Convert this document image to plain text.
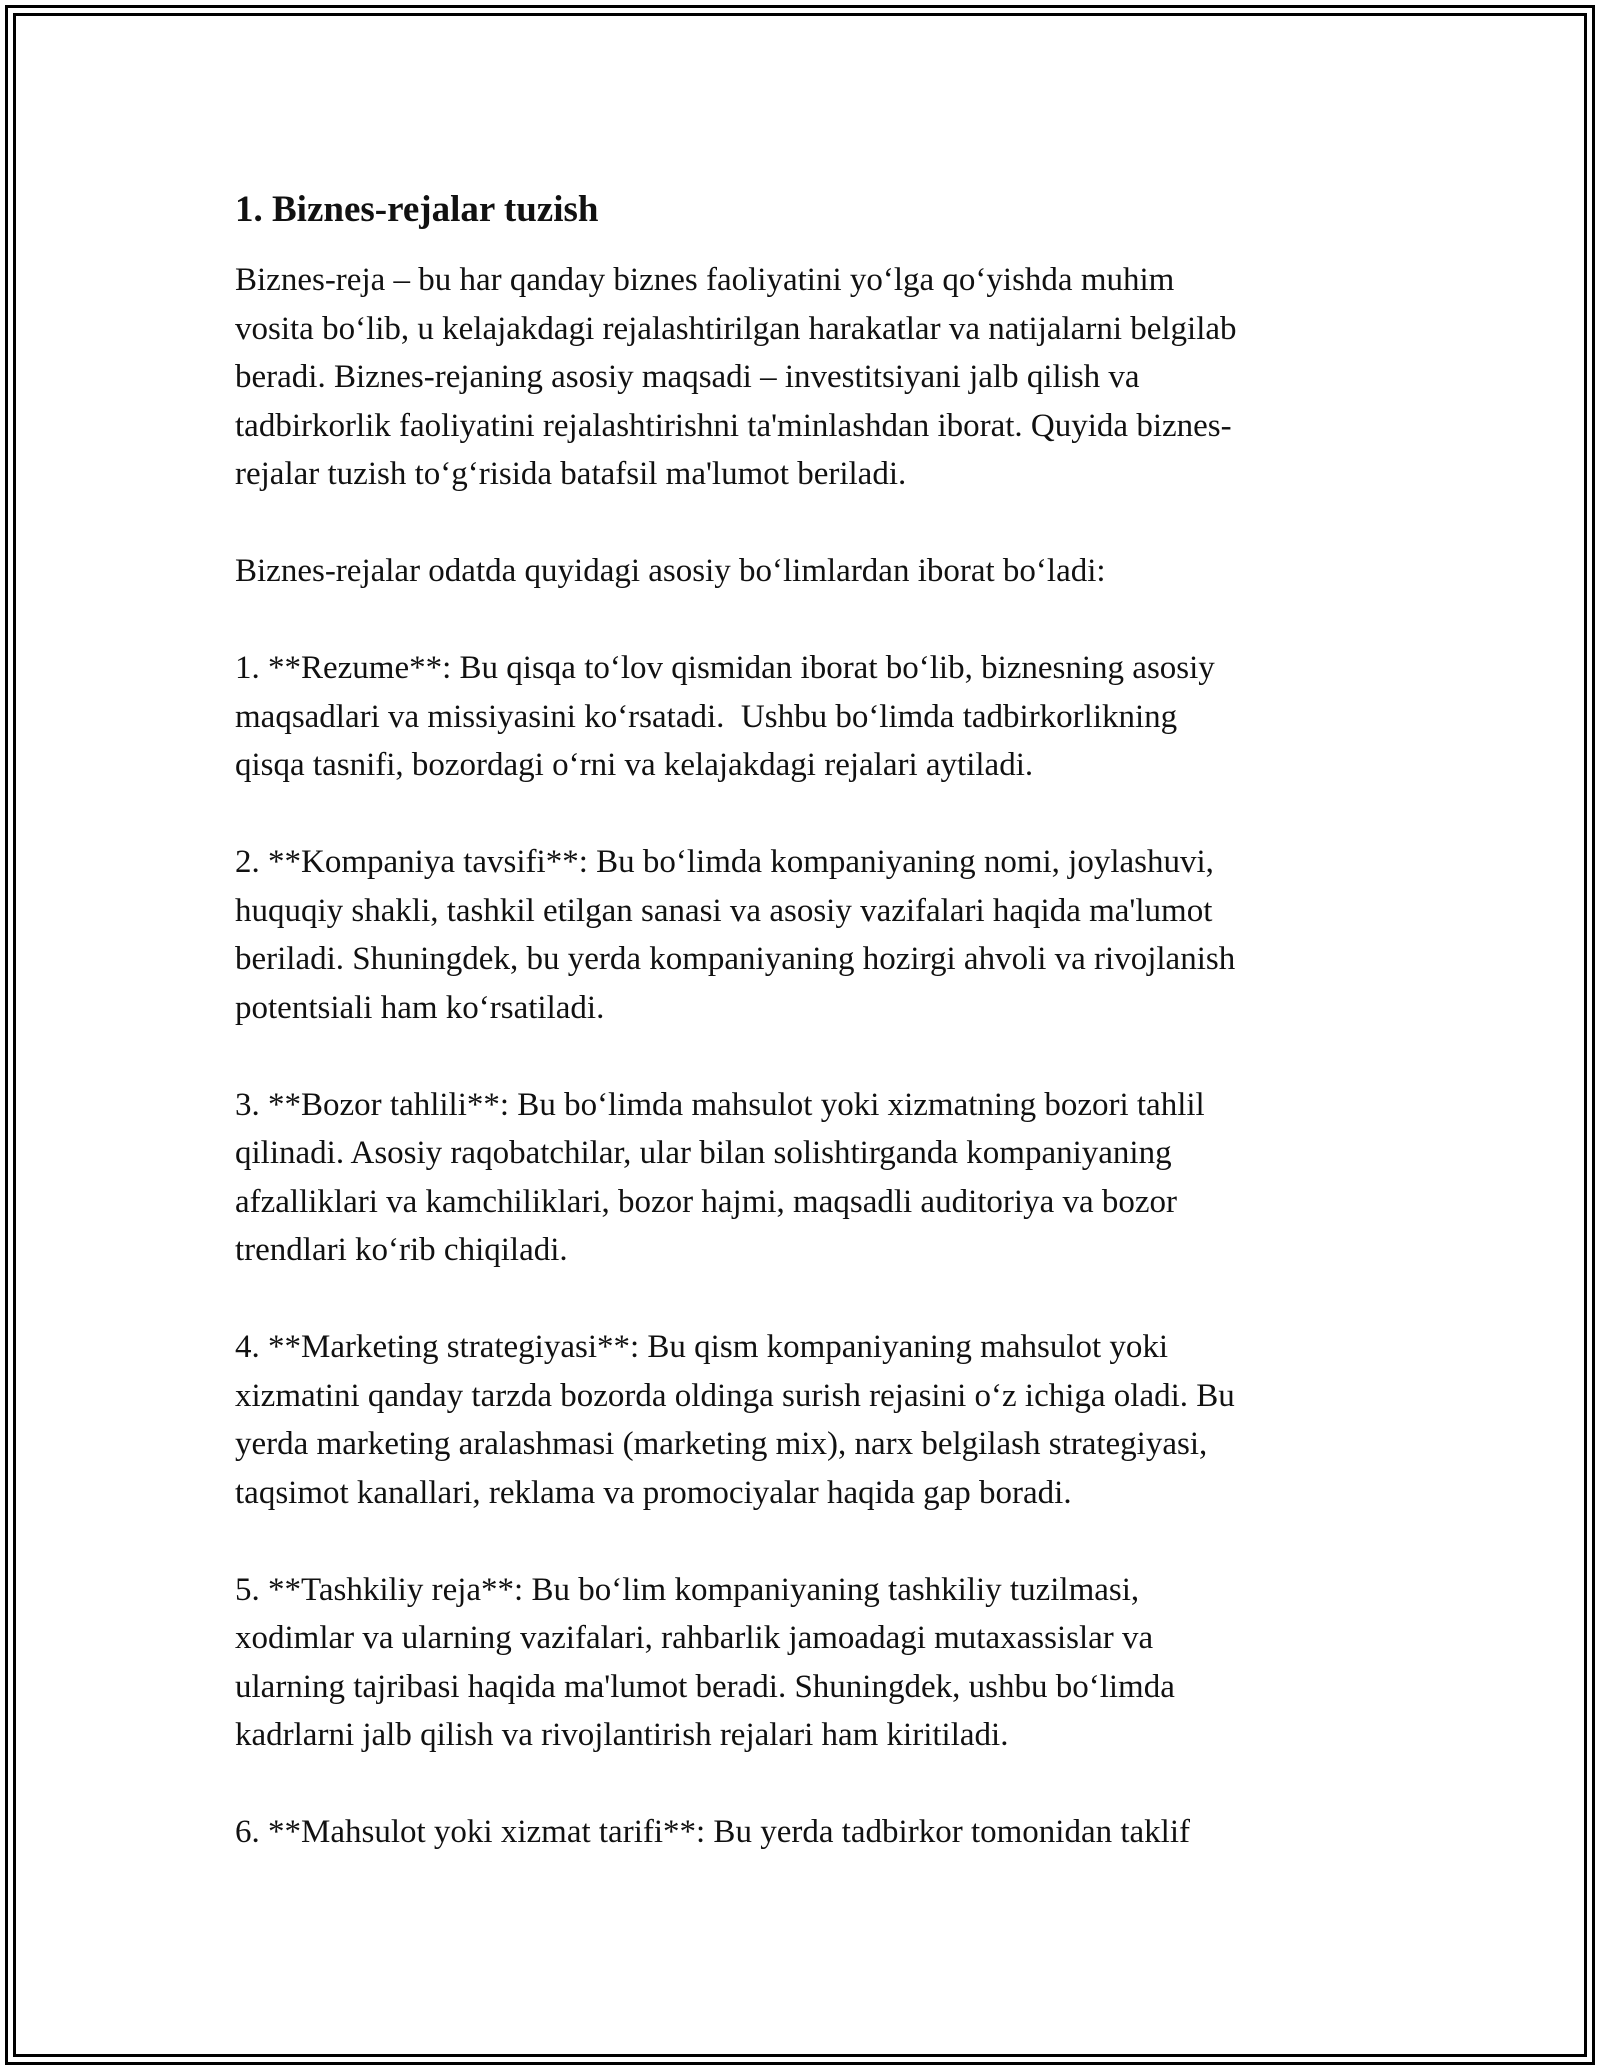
1. Biznes-rejalar tuzish

Biznes-reja – bu har qanday biznes faoliyatini yo‘lga qo‘yishda muhim
vosita bo‘lib, u kelajakdagi rejalashtirilgan harakatlar va natijalarni belgilab
beradi. Biznes-rejaning asosiy maqsadi – investitsiyani jalb qilish va
tadbirkorlik faoliyatini rejalashtirishni ta'minlashdan iborat. Quyida biznes-
rejalar tuzish to‘g‘risida batafsil ma'lumot beriladi.

Biznes-rejalar odatda quyidagi asosiy bo‘limlardan iborat bo‘ladi:

1. **Rezume**: Bu qisqa to‘lov qismidan iborat bo‘lib, biznesning asosiy
maqsadlari va missiyasini ko‘rsatadi.  Ushbu bo‘limda tadbirkorlikning
qisqa tasnifi, bozordagi o‘rni va kelajakdagi rejalari aytiladi.

2. **Kompaniya tavsifi**: Bu bo‘limda kompaniyaning nomi, joylashuvi,
huquqiy shakli, tashkil etilgan sanasi va asosiy vazifalari haqida ma'lumot
beriladi. Shuningdek, bu yerda kompaniyaning hozirgi ahvoli va rivojlanish
potentsiali ham ko‘rsatiladi.

3. **Bozor tahlili**: Bu bo‘limda mahsulot yoki xizmatning bozori tahlil
qilinadi. Asosiy raqobatchilar, ular bilan solishtirganda kompaniyaning
afzalliklari va kamchiliklari, bozor hajmi, maqsadli auditoriya va bozor
trendlari ko‘rib chiqiladi.

4. **Marketing strategiyasi**: Bu qism kompaniyaning mahsulot yoki
xizmatini qanday tarzda bozorda oldinga surish rejasini o‘z ichiga oladi. Bu
yerda marketing aralashmasi (marketing mix), narx belgilash strategiyasi,
taqsimot kanallari, reklama va promociyalar haqida gap boradi.

5. **Tashkiliy reja**: Bu bo‘lim kompaniyaning tashkiliy tuzilmasi,
xodimlar va ularning vazifalari, rahbarlik jamoadagi mutaxassislar va
ularning tajribasi haqida ma'lumot beradi. Shuningdek, ushbu bo‘limda
kadrlarni jalb qilish va rivojlantirish rejalari ham kiritiladi.

6. **Mahsulot yoki xizmat tarifi**: Bu yerda tadbirkor tomonidan taklif
